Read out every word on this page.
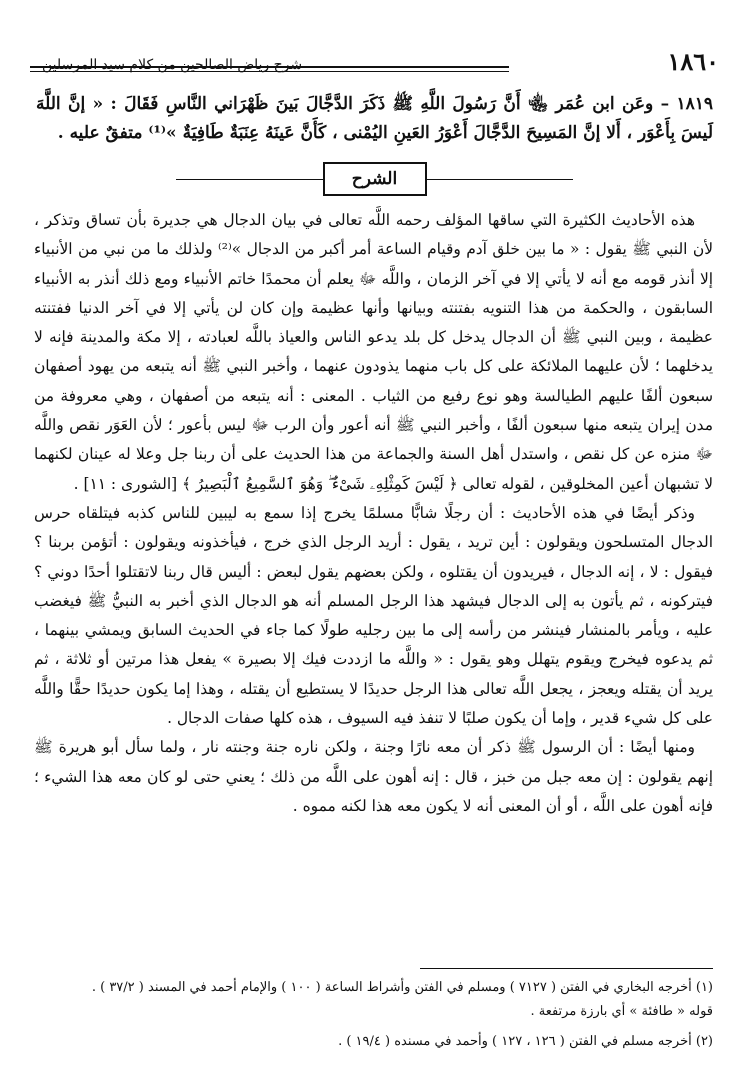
١٨٦٠
شرح رياض الصالحين من كلام سيد المرسلين
١٨١٩ – وعَن ابن عُمَر ﵄ أَنَّ رَسُولَ اللَّهِ ﷺ ذَكَرَ الدَّجَّالَ بَينَ ظَهْرَاني النَّاسِ فَقَالَ : « إنَّ اللَّهَ لَيسَ بِأَعْوَر ، أَلا إنَّ المَسِيحَ الدَّجَّالَ أَعْوَرُ العَينِ اليُمْنى ، كَأَنَّ عَينَهُ عِنَبَةٌ طَافِيَةٌ »⁽¹⁾ متفقٌ عليه .
الشرح

هذه الأحاديث الكثيرة التي ساقها المؤلف رحمه اللَّه تعالى في بيان الدجال هي جديرة بأن تساق وتذكر ، لأن النبي ﷺ يقول : « ما بين خلق آدم وقيام الساعة أمر أكبر من الدجال »⁽²⁾ ولذلك ما من نبي من الأنبياء إلا أنذر قومه مع أنه لا يأتي إلا في آخر الزمان ، واللَّه ﷻ يعلم أن محمدًا خاتم الأنبياء ومع ذلك أنذر به الأنبياء السابقون ، والحكمة من هذا التنويه بفتنته وبيانها وأنها عظيمة وإن كان لن يأتي إلا في آخر الدنيا ففتنته عظيمة ، وبين النبي ﷺ أن الدجال يدخل كل بلد يدعو الناس والعياذ باللَّه لعبادته ، إلا مكة والمدينة فإنه لا يدخلهما ؛ لأن عليهما الملائكة على كل باب منهما يذودون عنهما ، وأخبر النبي ﷺ أنه يتبعه من يهود أصفهان سبعون ألفًا عليهم الطيالسة وهو نوع رفيع من الثياب . المعنى : أنه يتبعه من أصفهان ، وهي معروفة من مدن إيران يتبعه منها سبعون ألفًا ، وأخبر النبي ﷺ أنه أعور وأن الرب ﷻ ليس بأعور ؛ لأن العَوَر نقص واللَّه ﷻ منزه عن كل نقص ، واستدل أهل السنة والجماعة من هذا الحديث على أن ربنا جل وعلا له عينان لكنهما لا تشبهان أعين المخلوقين ، لقوله تعالى ﴿ لَيْسَ كَمِثْلِهِۦ شَىْءٌ ۖ وَهُوَ ٱلسَّمِيعُ ٱلْبَصِيرُ ﴾ [الشورى : ١١] .

وذكر أيضًا في هذه الأحاديث : أن رجلًا شابًّا مسلمًا يخرج إذا سمع به ليبين للناس كذبه فيتلقاه حرس الدجال المتسلحون ويقولون : أين تريد ، يقول : أريد الرجل الذي خرج ، فيأخذونه ويقولون : أتؤمن بربنا ؟ فيقول : لا ، إنه الدجال ، فيريدون أن يقتلوه ، ولكن بعضهم يقول لبعض : أليس قال ربنا لاتقتلوا أحدًا دوني ؟ فيتركونه ، ثم يأتون به إلى الدجال فيشهد هذا الرجل المسلم أنه هو الدجال الذي أخبر به النبيُّ ﷺ فيغضب عليه ، ويأمر بالمنشار فينشر من رأسه إلى ما بين رجليه طولًا كما جاء في الحديث السابق ويمشي بينهما ، ثم يدعوه فيخرج ويقوم يتهلل وهو يقول : « واللَّه ما ازددت فيك إلا بصيرة » يفعل هذا مرتين أو ثلاثة ، ثم يريد أن يقتله ويعجز ، يجعل اللَّه تعالى هذا الرجل حديدًا لا يستطيع أن يقتله ، وهذا إما يكون حديدًا حقًّا واللَّه على كل شيء قدير ، وإما أن يكون صلبًا لا تنفذ فيه السيوف ، هذه كلها صفات الدجال .

ومنها أيضًا : أن الرسول ﷺ ذكر أن معه نارًا وجنة ، ولكن ناره جنة وجنته نار ، ولما سأل أبو هريرة ﷺ إنهم يقولون : إن معه جبل من خبز ، قال : إنه أهون على اللَّه من ذلك ؛ يعني حتى لو كان معه هذا الشيء ؛ فإنه أهون على اللَّه ، أو أن المعنى أنه لا يكون معه هذا لكنه مموه .

(١) أخرجه البخاري في الفتن ( ٧١٢٧ ) ومسلم في الفتن وأشراط الساعة ( ١٠٠ ) والإمام أحمد في المسند ( ٣٧/٢ ) .

قوله « طافئة » أي بارزة مرتفعة .

(٢) أخرجه مسلم في الفتن ( ١٢٦ ، ١٢٧ ) وأحمد في مسنده ( ١٩/٤ ) .
